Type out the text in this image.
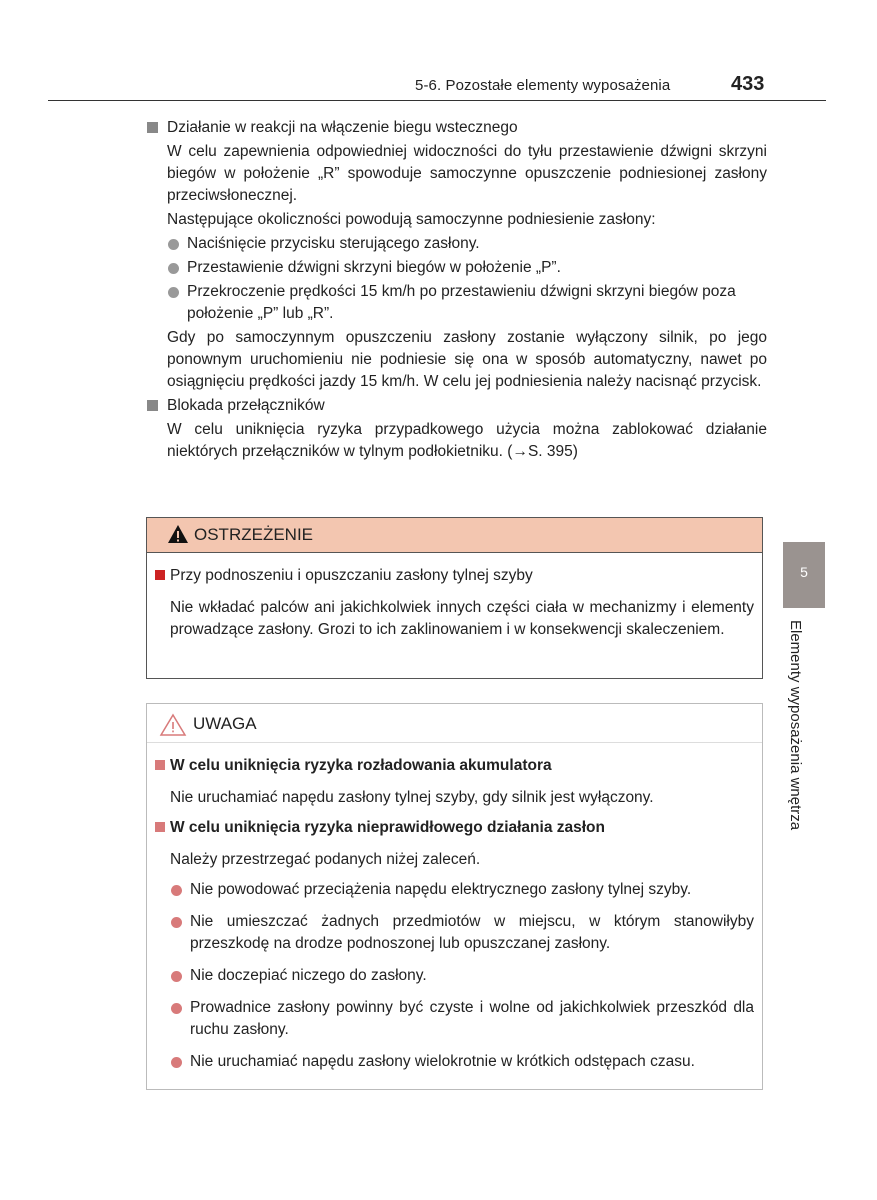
5-6. Pozostałe elementy wyposażenia	433

Działanie w reakcji na włączenie biegu wstecznego

W celu zapewnienia odpowiedniej widoczności do tyłu przestawienie dźwigni skrzyni biegów w położenie „R” spowoduje samoczynne opuszczenie podniesionej zasłony przeciwsłonecznej.

Następujące okoliczności powodują samoczynne podniesienie zasłony:

Naciśnięcie przycisku sterującego zasłony.
Przestawienie dźwigni skrzyni biegów w położenie „P”.
Przekroczenie prędkości 15 km/h po przestawieniu dźwigni skrzyni biegów poza położenie „P” lub „R”.

Gdy po samoczynnym opuszczeniu zasłony zostanie wyłączony silnik, po jego ponownym uruchomieniu nie podniesie się ona w sposób automatyczny, nawet po osiągnięciu prędkości jazdy 15 km/h. W celu jej podniesienia należy nacisnąć przycisk.

Blokada przełączników

W celu uniknięcia ryzyka przypadkowego użycia można zablokować działanie niektórych przełączników w tylnym podłokietniku. (→S. 395)

OSTRZEŻENIE

Przy podnoszeniu i opuszczaniu zasłony tylnej szyby

Nie wkładać palców ani jakichkolwiek innych części ciała w mechanizmy i elementy prowadzące zasłony. Grozi to ich zaklinowaniem i w konsekwencji skaleczeniem.

UWAGA

W celu uniknięcia ryzyka rozładowania akumulatora

Nie uruchamiać napędu zasłony tylnej szyby, gdy silnik jest wyłączony.

W celu uniknięcia ryzyka nieprawidłowego działania zasłon

Należy przestrzegać podanych niżej zaleceń.

Nie powodować przeciążenia napędu elektrycznego zasłony tylnej szyby.
Nie umieszczać żadnych przedmiotów w miejscu, w którym stanowiłyby przeszkodę na drodze podnoszonej lub opuszczanej zasłony.
Nie doczepiać niczego do zasłony.
Prowadnice zasłony powinny być czyste i wolne od jakichkolwiek przeszkód dla ruchu zasłony.
Nie uruchamiać napędu zasłony wielokrotnie w krótkich odstępach czasu.
5
Elementy wyposażenia wnętrza
